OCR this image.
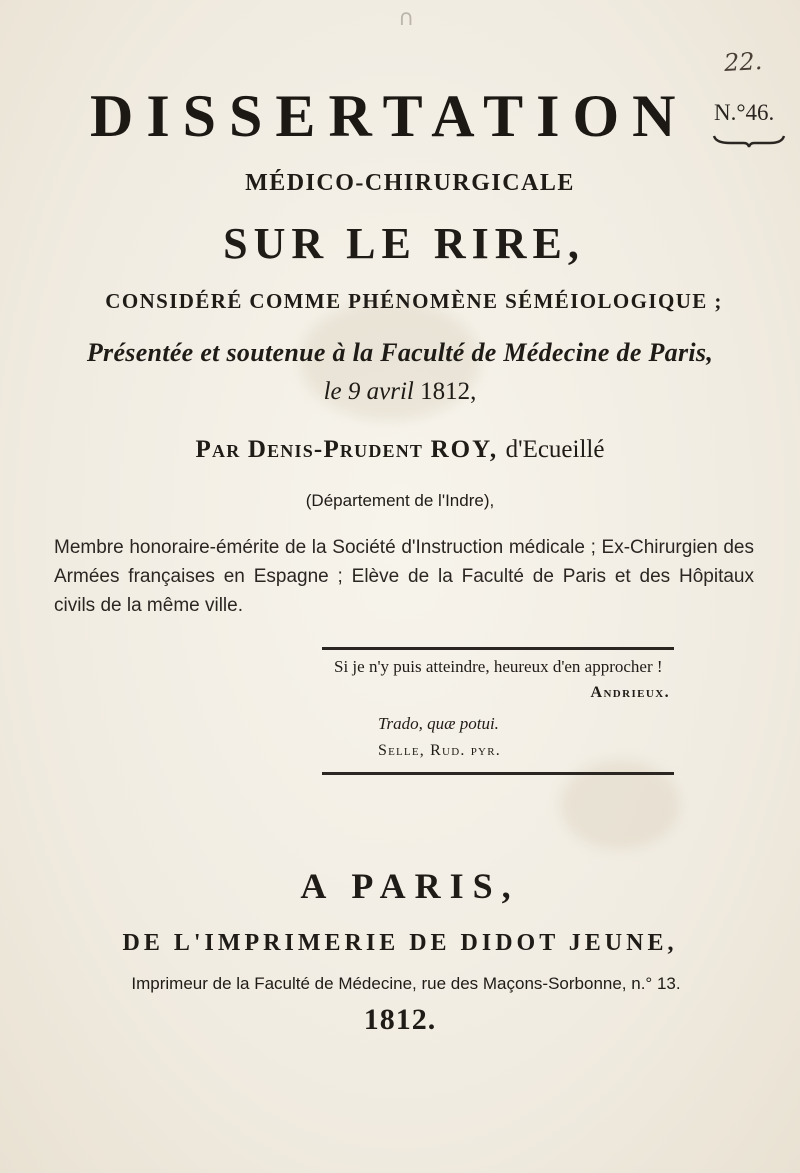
∩
22.
DISSERTATION N.°46.

MÉDICO-CHIRURGICALE

SUR LE RIRE,

CONSIDÉRÉ COMME PHÉNOMÈNE SÉMÉIOLOGIQUE ;

Présentée et soutenue à la Faculté de Médecine de Paris,

le 9 avril 1812,

Par Denis-Prudent ROY, d'Ecueillé

(Département de l'Indre),

Membre honoraire-émérite de la Société d'Instruction médicale ; Ex-Chirurgien des Armées françaises en Espagne ; Elève de la Faculté de Paris et des Hôpitaux civils de la même ville.

Si je n'y puis atteindre, heureux d'en approcher !

Andrieux.

Trado, quæ potui.

Selle, Rud. pyr.

A PARIS,

DE L'IMPRIMERIE DE DIDOT JEUNE,

Imprimeur de la Faculté de Médecine, rue des Maçons-Sorbonne, n.° 13.

1812.
